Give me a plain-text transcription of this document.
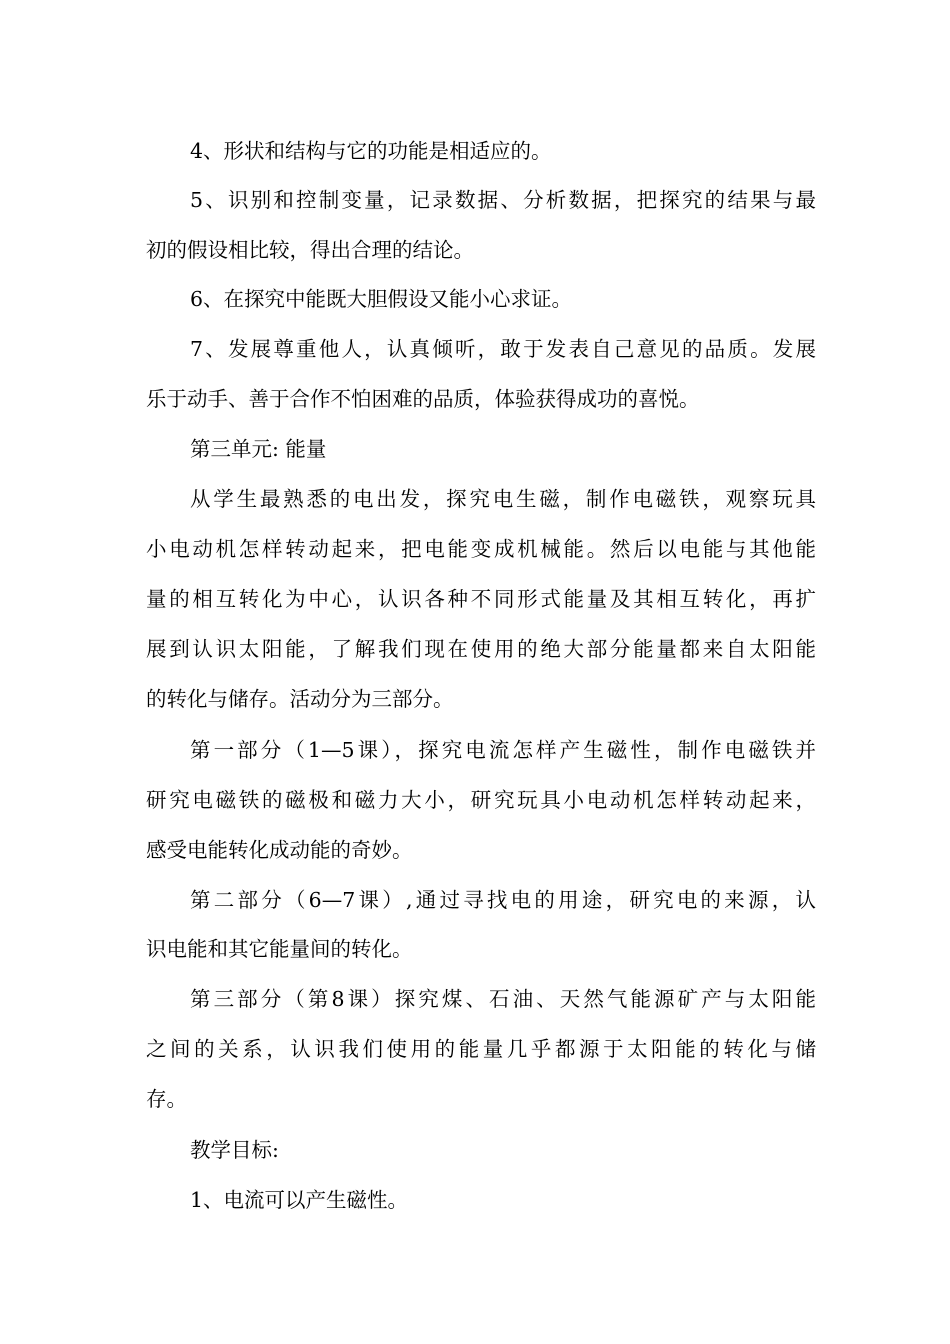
4、形状和结构与它的功能是相适应的。
5、识别和控制变量，记录数据、分析数据，把探究的结果与最
初的假设相比较，得出合理的结论。
6、在探究中能既大胆假设又能小心求证。
7、发展尊重他人，认真倾听，敢于发表自己意见的品质。发展
乐于动手、善于合作不怕困难的品质，体验获得成功的喜悦。
第三单元: 能量
从学生最熟悉的电出发，探究电生磁，制作电磁铁，观察玩具
小电动机怎样转动起来，把电能变成机械能。然后以电能与其他能
量的相互转化为中心，认识各种不同形式能量及其相互转化，再扩
展到认识太阳能，了解我们现在使用的绝大部分能量都来自太阳能
的转化与储存。活动分为三部分。
第一部分（1—5课），探究电流怎样产生磁性，制作电磁铁并
研究电磁铁的磁极和磁力大小，研究玩具小电动机怎样转动起来，
感受电能转化成动能的奇妙。
第二部分（6—7课）,通过寻找电的用途，研究电的来源，认
识电能和其它能量间的转化。
第三部分（第8课）探究煤、石油、天然气能源矿产与太阳能
之间的关系，认识我们使用的能量几乎都源于太阳能的转化与储
存。
教学目标:
1、电流可以产生磁性。
